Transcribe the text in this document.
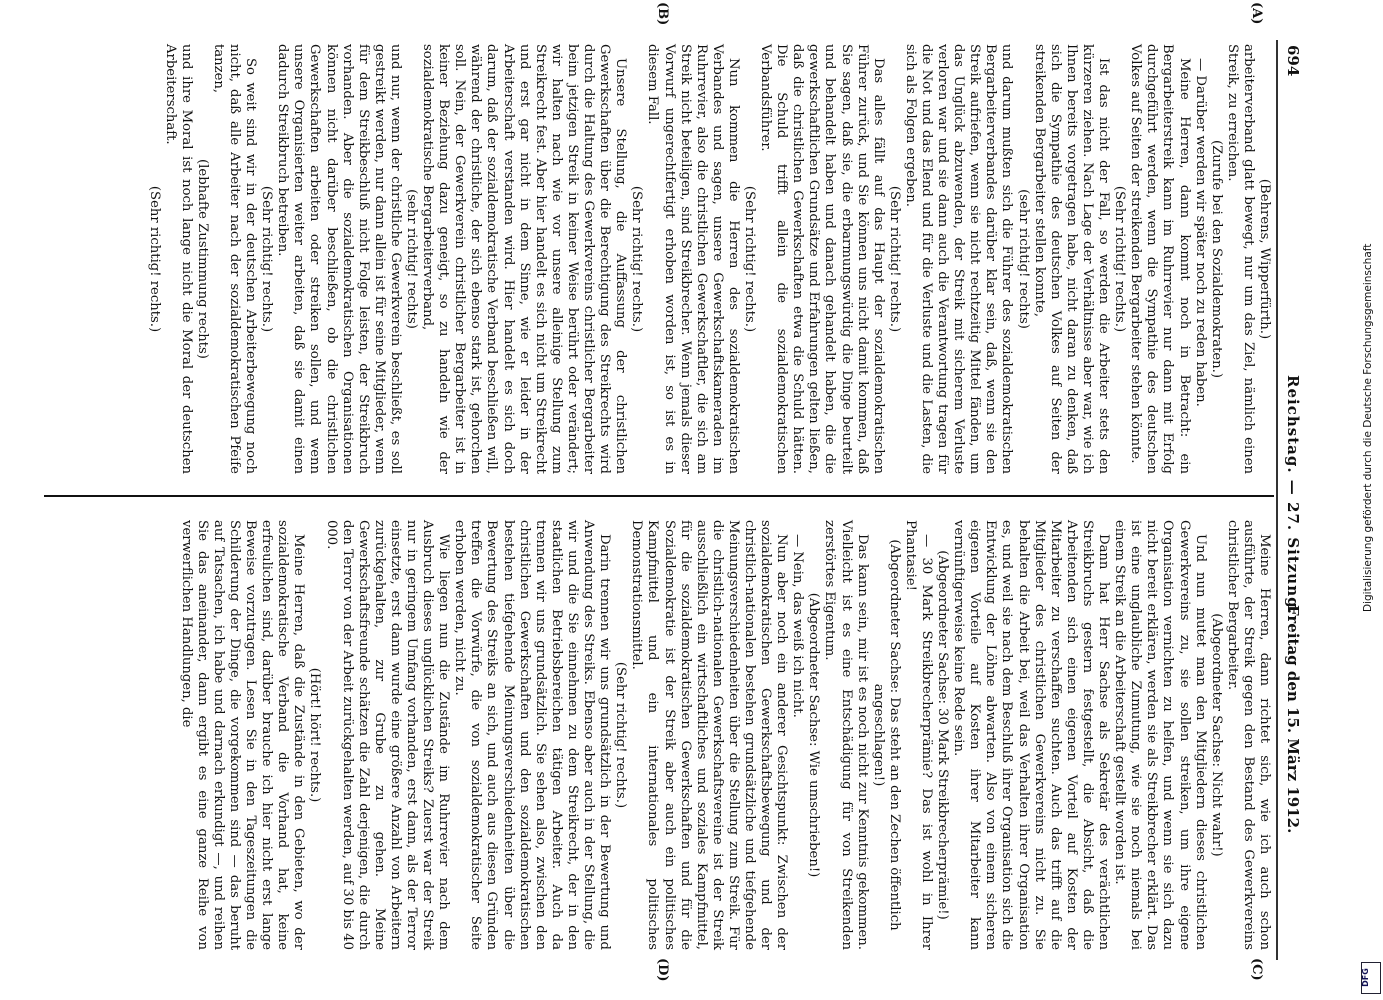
694
Reichstag. — 27. Sitzung.
Freitag den 15. März 1912.
(A)
(B)
(C)
(D)

(Behrens, Wipperfürth.)

arbeiterverband glatt bewegt, nur um das Ziel, nämlich einen Streik, zu erreichen.

(Zurufe bei den Sozialdemokraten.)

— Darüber werden wir später noch zu reden haben.

Meine Herren, dann kommt noch in Betracht: ein Bergarbeiterstreik kann im Ruhrrevier nur dann mit Erfolg durchgeführt werden, wenn die Sympathie des deutschen Volkes auf Seiten der streikenden Bergarbeiter stehen könnte.

(Sehr richtig! rechts.)

Ist das nicht der Fall, so werden die Arbeiter stets den kürzeren ziehen. Nach Lage der Verhältnisse aber war, wie ich Ihnen bereits vorgetragen habe, nicht daran zu denken, daß sich die Sympathie des deutschen Volkes auf Seiten der streikenden Bergarbeiter stellen konnte,

(sehr richtig! rechts)

und darum mußten sich die Führer des sozialdemokratischen Bergarbeiterverbandes darüber klar sein, daß, wenn sie den Streik aufriefen, wenn sie nicht rechtzeitig Mittel fänden, um das Unglück abzuwenden, der Streik mit sicherem Verluste verloren war und sie dann auch die Verantwortung tragen für die Not und das Elend und für die Verluste und die Lasten, die sich als Folgen ergeben.

(Sehr richtig! rechts.)

Das alles fällt auf das Haupt der sozialdemokratischen Führer zurück, und Sie können uns nicht damit kommen, daß Sie sagen, daß sie, die erbarmungswürdig die Dinge beurteilt und behandelt haben und danach gehandelt haben, die die gewerkschaftlichen Grundsätze und Erfahrungen gelten ließen, daß die christlichen Gewerkschaften etwa die Schuld hätten. Die Schuld trifft allein die sozialdemokratischen Verbandsführer.

(Sehr richtig! rechts.)

Nun kommen die Herren des sozialdemokratischen Verbandes und sagen, unsere Gewerkschaftskameraden im Ruhrrevier, also die christlichen Gewerkschaftler, die sich am Streik nicht beteiligen, sind Streikbrecher. Wenn jemals dieser Vorwurf ungerechtfertigt erhoben worden ist, so ist es in diesem Fall.

(Sehr richtig! rechts.)

Unsere Stellung, die Auffassung der christlichen Gewerkschaften über die Berechtigung des Streikrechts wird durch die Haltung des Gewerkvereins christlicher Bergarbeiter beim jetzigen Streik in keiner Weise berührt oder verändert; wir halten nach wie vor unsere alleinige Stellung zum Streikrecht fest. Aber hier handelt es sich nicht um Streikrecht und erst gar nicht in dem Sinne, wie er leider in der Arbeiterschaft verstanden wird. Hier handelt es sich doch darum, daß der sozialdemokratische Verband beschließen will, während der christliche, der sich ebenso stark ist, gehorchen soll. Nein, der Gewerkverein christlicher Bergarbeiter ist in keiner Beziehung dazu geneigt, so zu handeln wie der sozialdemokratische Bergarbeiterverband,

(sehr richtig! rechts)

und nur, wenn der christliche Gewerkverein beschließt, es soll gestreikt werden, nur dann allein ist für seine Mitglieder, wenn für dem Streikbeschluß nicht Folge leisten, der Streikbruch vorhanden. Aber die sozialdemokratischen Organisationen können nicht darüber beschließen, ob die christlichen Gewerkschaften arbeiten oder streiken sollen, und wenn unsere Organisierten weiter arbeiten, daß sie damit einen dadurch Streikbruch betreiben.

(Sehr richtig! rechts.)

So weit sind wir in der deutschen Arbeiterbewegung noch nicht, daß alle Arbeiter nach der sozialdemokratischen Pfeife tanzen,

(lebhafte Zustimmung rechts)

und ihre Moral ist noch lange nicht die Moral der deutschen Arbeiterschaft.

(Sehr richtig! rechts.)

Meine Herren, dann richtet sich, wie ich auch schon ausführte, der Streik gegen den Bestand des Gewerkvereins christlicher Bergarbeiter.

(Abgeordneter Sachse: Nicht wahr!)

Und nun mutet man den Mitgliedern dieses christlichen Gewerkvereins zu, sie sollen streiken, um ihre eigene Organisation vernichten zu helfen, und wenn sie sich dazu nicht bereit erklären, werden sie als Streikbrecher erklärt. Das ist eine unglaubliche Zumutung, wie sie noch niemals bei einem Streik an die Arbeiterschaft gestellt worden ist.

Dann hat Herr Sachse als Sekretär des verächtlichen Streikbruchs gestern festgestellt, die Absicht, daß die Arbeitenden sich einen eigenen Vorteil auf Kosten der Mitarbeiter zu verschaffen suchten. Auch das trifft auf die Mitglieder des christlichen Gewerkvereins nicht zu. Sie behalten die Arbeit bei, weil das Verhalten ihrer Organisation es, und weil sie nach dem Beschluß ihrer Organisation sich die Entwicklung der Löhne abwarten. Also von einem sicheren eigenen Vorteile auf Kosten ihrer Mitarbeiter kann vernünftigerweise keine Rede sein.

(Abgeordneter Sachse: 30 Mark Streikbrecherprämie!)

— 30 Mark Streikbrecherprämie? Das ist wohl in Ihrer Phantasie!

(Abgeordneter Sachse: Das steht an den Zechen öffentlich angeschlagen!)

Das kann sein, mir ist es noch nicht zur Kenntnis gekommen. Vielleicht ist es eine Entschädigung für von Streikenden zerstörtes Eigentum.

(Abgeordneter Sachse: Wie umschrieben!)

— Nein, das weiß ich nicht.

Nun aber noch ein anderer Gesichtspunkt: Zwischen der sozialdemokratischen Gewerkschaftsbewegung und der christlich-nationalen bestehen grundsätzliche und tiefgehende Meinungsverschiedenheiten über die Stellung zum Streik. Für die christlich-nationalen Gewerkschaftsvereine ist der Streik ausschließlich ein wirtschaftliches und soziales Kampfmittel, für die sozialdemokratischen Gewerkschaften und für die Sozialdemokratie ist der Streik aber auch ein politisches Kampfmittel und ein internationales politisches Demonstrationsmittel.

(Sehr richtig! rechts.)

Darin trennen wir uns grundsätzlich in der Bewertung und Anwendung des Streiks. Ebenso aber auch in der Stellung, die wir und die Sie einnehmen zu dem Streikrecht, der in den staatlichen Betriebsbereichen tätigen Arbeiter. Auch da trennen wir uns grundsätzlich. Sie sehen also, zwischen den christlichen Gewerkschaften und den sozialdemokratischen bestehen tiefgehende Meinungsverschiedenheiten über die Bewertung des Streiks an sich, und auch aus diesen Gründen treffen die Vorwürfe, die von sozialdemokratischer Seite erhoben werden, nicht zu.

Wie liegen nun die Zustände im Ruhrrevier nach dem Ausbruch dieses unglücklichen Streiks? Zuerst war der Streik nur in geringem Umfang vorhanden, erst dann, als der Terror einsetzte, erst dann wurde eine größere Anzahl von Arbeitern zurückgehalten, zur Grube zu gehen. Meine Gewerkschaftsfreunde schätzen die Zahl derjenigen, die durch den Terror von der Arbeit zurückgehalten werden, auf 30 bis 40 000.

(Hört! hört! rechts.)

Meine Herren, daß die Zustände in den Gebieten, wo der sozialdemokratische Verband die Vorhand hat, keine erfreulichen sind, darüber brauche ich hier nicht erst lange Beweise vorzutragen. Lesen Sie in den Tageszeitungen die Schilderung der Dinge, die vorgekommen sind — das beruht auf Tatsachen, ich habe und darnach erkundigt —, und reihen Sie das aneinander, dann ergibt es eine ganze Reihe von verwerflichen Handlungen, die

Digitalisierung gefördert durch die Deutsche Forschungsgemeinschaft
DFG
